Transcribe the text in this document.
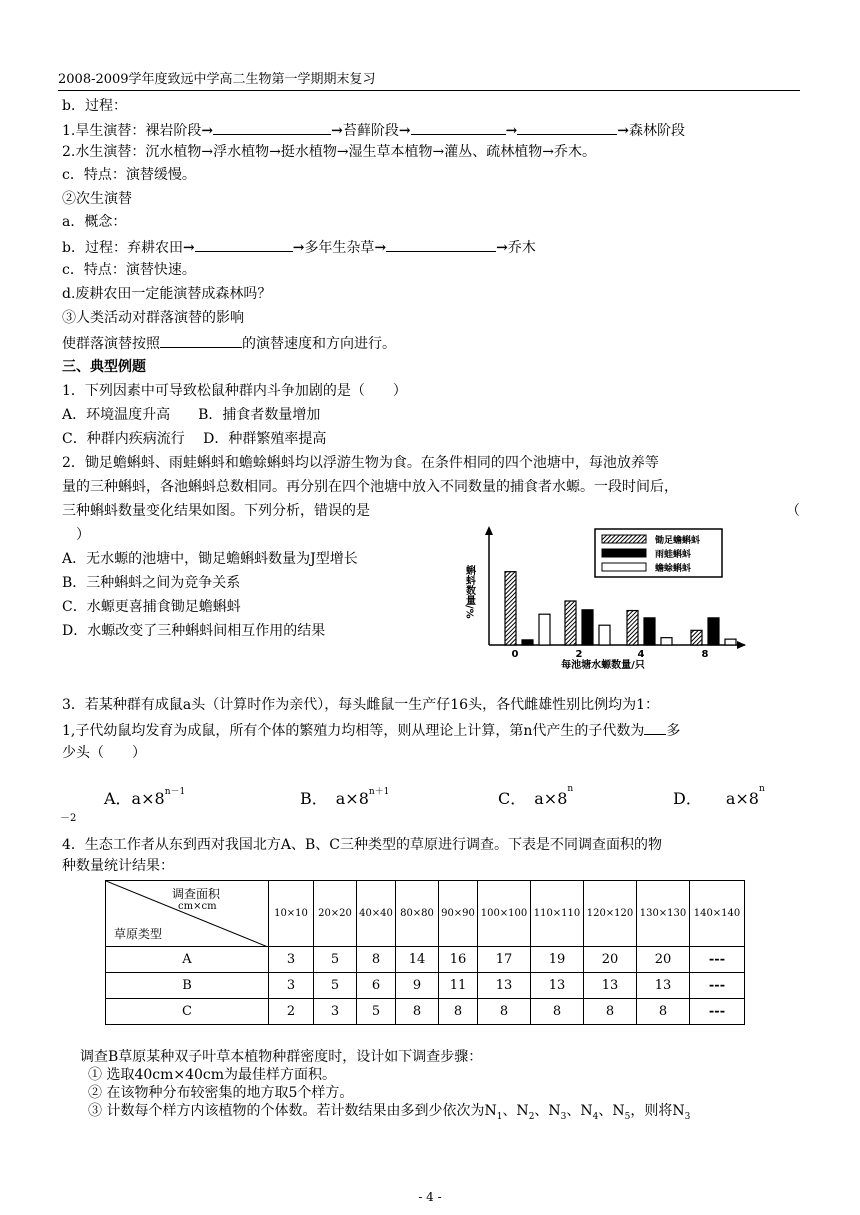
2008-2009学年度致远中学高二生物第一学期期末复习
b．过程：
1.旱生演替：裸岩阶段→	→苔藓阶段→	→	→森林阶段
2.水生演替：沉水植物→浮水植物→挺水植物→湿生草本植物→灌丛、疏林植物→乔木。
c．特点：演替缓慢。
②次生演替
a．概念：
b．过程：弃耕农田→	→多年生杂草→	→乔木
c．特点：演替快速。
d.废耕农田一定能演替成森林吗？
③人类活动对群落演替的影响
使群落演替按照	的演替速度和方向进行。
三、典型例题
1．下列因素中可导致松鼠种群内斗争加剧的是（　　）
A．环境温度升高　　B．捕食者数量增加
C．种群内疾病流行　 D．种群繁殖率提高
2．锄足蟾蝌蚪、雨蛙蝌蚪和蟾蜍蝌蚪均以浮游生物为食。在条件相同的四个池塘中，每池放养等
量的三种蝌蚪，各池蝌蚪总数相同。再分别在四个池塘中放入不同数量的捕食者水螈。一段时间后，
三种蝌蚪数量变化结果如图。下列分析，错误的是	（
）
A．无水螈的池塘中，锄足蟾蝌蚪数量为J型增长
B．三种蝌蚪之间为竞争关系
C．水螈更喜捕食锄足蟾蝌蚪
D．水螈改变了三种蝌蚪间相互作用的结果
蝌蚪数量/%
每池塘水螈数量/只
0	2	4	8
锄足蟾蝌蚪
雨蛙蝌蚪
蟾蜍蝌蚪
3．若某种群有成鼠a头（计算时作为亲代），每头雌鼠一生产仔16头，各代雌雄性别比例均为1：
1,子代幼鼠均发育为成鼠，所有个体的繁殖力均相等，则从理论上计算，第n代产生的子代数为 多
少头（　　）
A．$a\times 8^{n-1}$	B．　$a\times 8^{n+1}$	C．　$a\times 8^n$	D．　　$a\times 8^n$
－2
4．生态工作者从东到西对我国北方A、B、C三种类型的草原进行调查。下表是不同调查面积的物
种数量统计结果：
调查面积
cm×cm
草原类型	10×10	20×20	40×40	80×80	90×90	100×100	110×110	120×120	130×130	140×140
A	3	5	8	14	16	17	19	20	20	---
B	3	5	6	9	11	13	13	13	13	---
C	2	3	5	8	8	8	8	8	8	---
调查B草原某种双子叶草本植物种群密度时，设计如下调查步骤：
① 选取40cm×40cm为最佳样方面积。
② 在该物种分布较密集的地方取5个样方。
③ 计数每个样方内该植物的个体数。若计数结果由多到少依次为$N_1$、$N_2$、$N_3$、$N_4$、$N_5$，则将$N_3$
- 4 -
